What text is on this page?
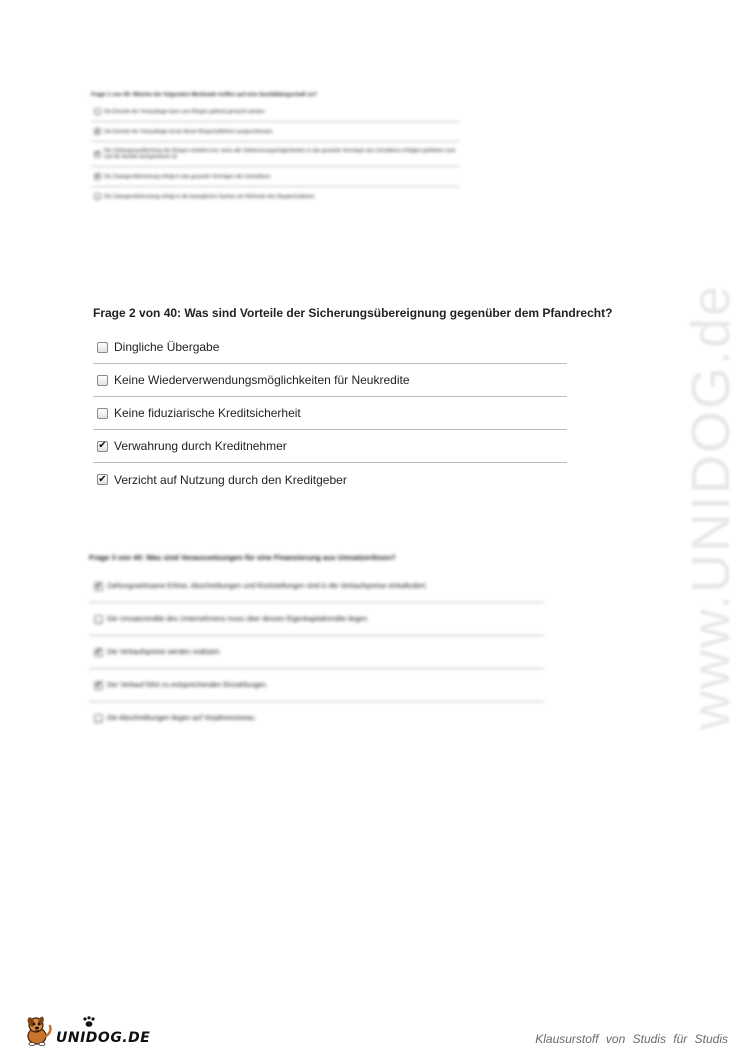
www.UNIDOG.de
Frage 1 von 40: Welche der folgenden Merkmale treffen auf eine Ausfallbürgschaft zu?
Die Einrede der Vorausklage kann vom Bürgen geltend gemacht werden.
✔ Die Einrede der Vorausklage ist bei dieser Bürgschaftsform ausgeschlossen.
✔ Die Zahlungsverpflichtung des Bürgen entsteht erst, wenn alle Vollstreckungsmöglichkeiten in das gesamte Vermögen des Schuldners erfolglos geblieben sind und der Ausfall nachgewiesen ist.
✔ Die Zwangsvollstreckung erfolgt in das gesamte Vermögen des Schuldners.
Die Zwangsvollstreckung erfolgt in die beweglichen Sachen am Wohnsitz des Hauptschuldners.
Frage 2 von 40: Was sind Vorteile der Sicherungsübereignung gegenüber dem Pfandrecht?
Dingliche Übergabe
Keine Wiederverwendungsmöglichkeiten für Neukredite
Keine fiduziarische Kreditsicherheit
✔ Verwahrung durch Kreditnehmer
✔ Verzicht auf Nutzung durch den Kreditgeber
Frage 3 von 40: Was sind Voraussetzungen für eine Finanzierung aus Umsatzerlösen?
✔ Zahlungswirksame Erlöse, Abschreibungen und Rückstellungen sind in die Verkaufspreise einkalkuliert.
Die Umsatzrendite des Unternehmens muss über dessen Eigenkapitalrendite liegen.
✔ Die Verkaufspreise werden realisiert.
✔ Der Verkauf führt zu entsprechenden Einzahlungen.
Die Abschreibungen liegen auf Vorjahresniveau.
UNIDOG.DE	Klausurstoff von Studis für Studis
